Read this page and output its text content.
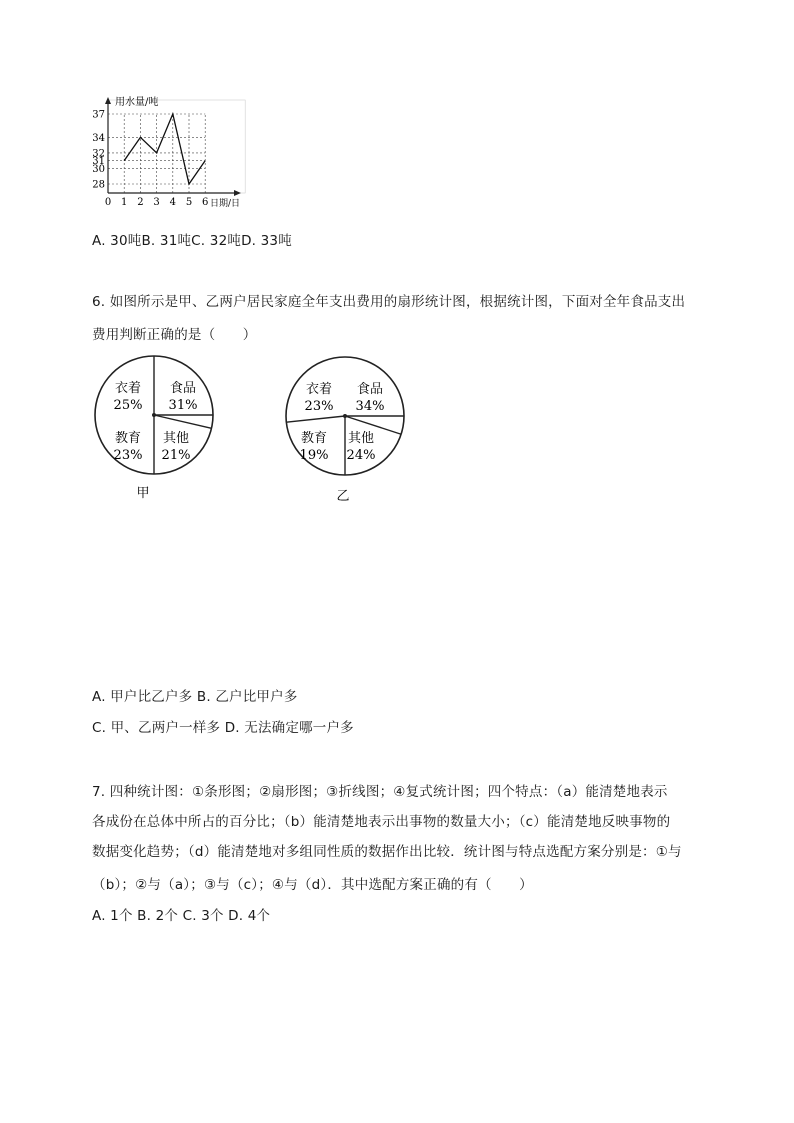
0 1 2 3 4 5 6
28
30
31
32
34
37
用水量/吨
日期/日
A. 30吨B. 31吨C. 32吨D. 33吨
6. 如图所示是甲、乙两户居民家庭全年支出费用的扇形统计图，根据统计图，下面对全年食品支出
费用判断正确的是（　　）
衣着
25%
食品
31%
其他
21%
教育
23%
甲
衣着
23%
食品
34%
其他
24%
教育
19%
乙
A. 甲户比乙户多 B. 乙户比甲户多
C. 甲、乙两户一样多 D. 无法确定哪一户多
7. 四种统计图：①条形图；②扇形图；③折线图；④复式统计图；四个特点：（a）能清楚地表示
各成份在总体中所占的百分比；（b）能清楚地表示出事物的数量大小；（c）能清楚地反映事物的
数据变化趋势；（d）能清楚地对多组同性质的数据作出比较．统计图与特点选配方案分别是：①与
（b）；②与（a）；③与（c）；④与（d）．其中选配方案正确的有（　　）
A. 1个 B. 2个 C. 3个 D. 4个
